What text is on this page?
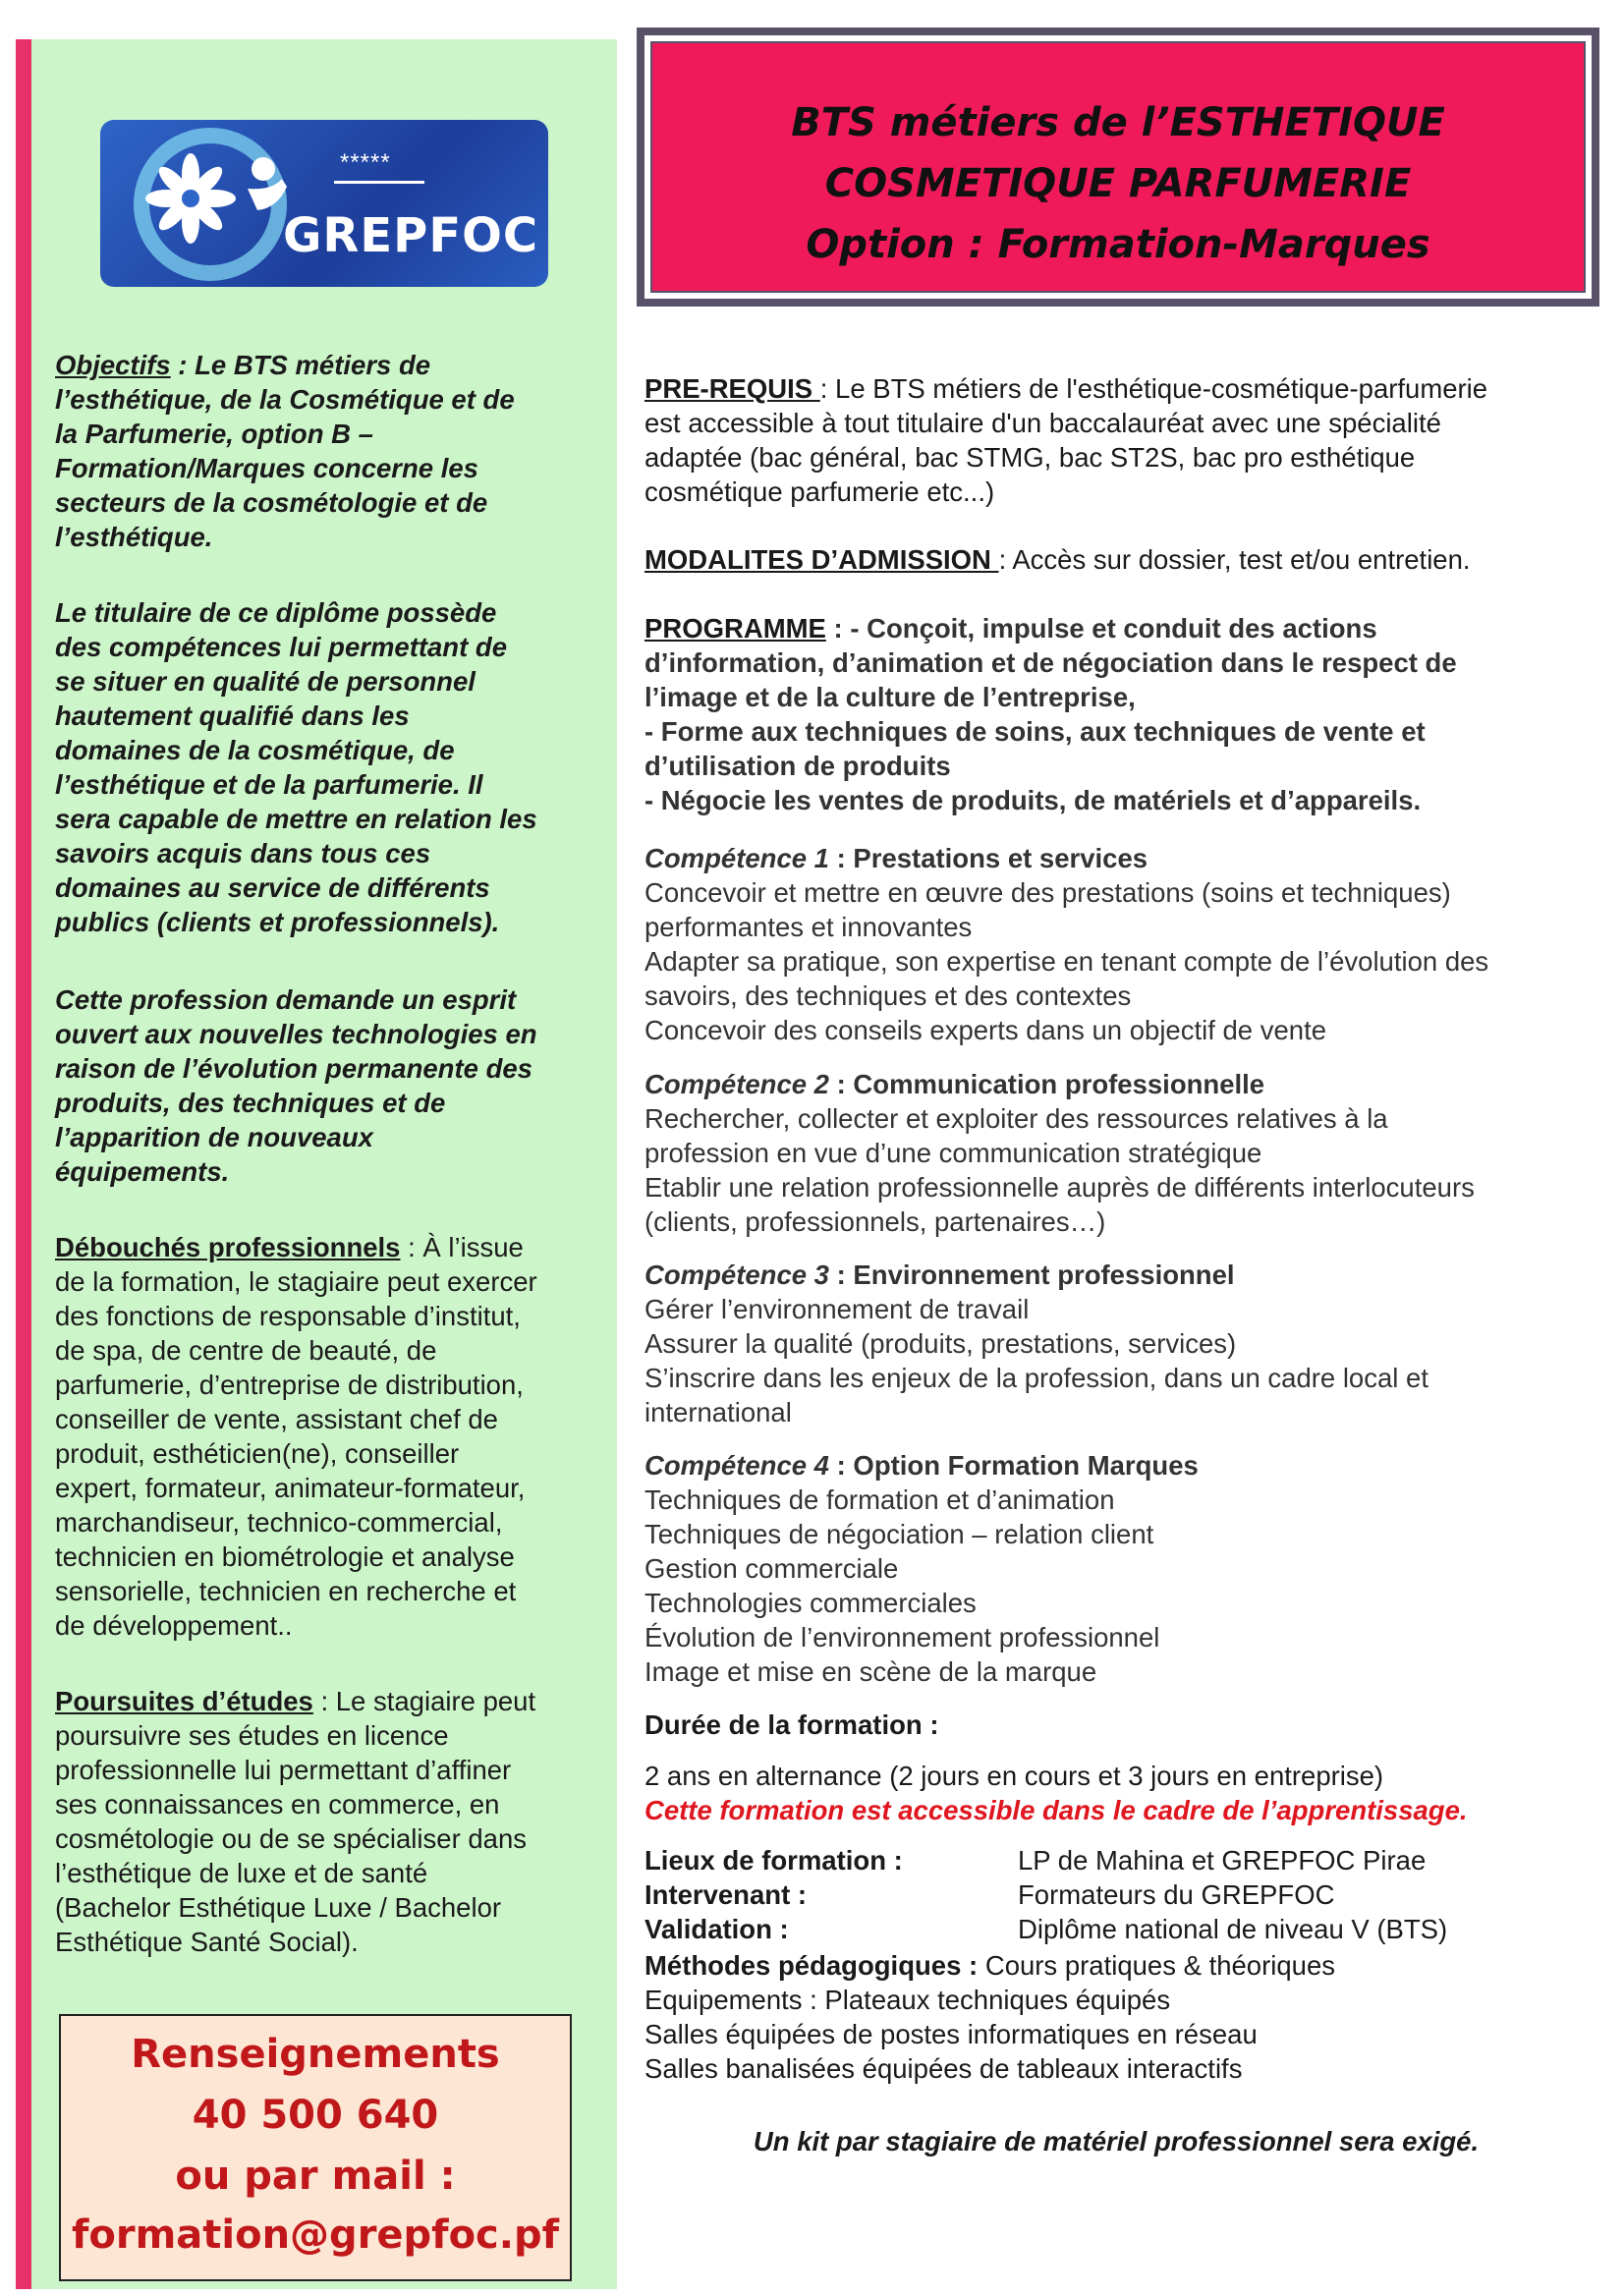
*****
GREPFOC
Objectifs : Le BTS métiers de
l’esthétique, de la Cosmétique et de
la Parfumerie, option B –
Formation/Marques concerne les
secteurs de la cosmétologie et de
l’esthétique.
Le titulaire de ce diplôme possède
des compétences lui permettant de
se situer en qualité de personnel
hautement qualifié dans les
domaines de la cosmétique, de
l’esthétique et de la parfumerie. Il
sera capable de mettre en relation les
savoirs acquis dans tous ces
domaines au service de différents
publics (clients et professionnels).
Cette profession demande un esprit
ouvert aux nouvelles technologies en
raison de l’évolution permanente des
produits, des techniques et de
l’apparition de nouveaux
équipements.
Débouchés professionnels : À l’issue
de la formation, le stagiaire peut exercer
des fonctions de responsable d’institut,
de spa, de centre de beauté, de
parfumerie, d’entreprise de distribution,
conseiller de vente, assistant chef de
produit, esthéticien(ne), conseiller
expert, formateur, animateur-formateur,
marchandiseur, technico-commercial,
technicien en biométrologie et analyse
sensorielle, technicien en recherche et
de développement..
Poursuites d’études : Le stagiaire peut
poursuivre ses études en licence
professionnelle lui permettant d’affiner
ses connaissances en commerce, en
cosmétologie ou de se spécialiser dans
l’esthétique de luxe et de santé
(Bachelor Esthétique Luxe / Bachelor
Esthétique Santé Social).
Renseignements
40 500 640
ou par mail :
formation@grepfoc.pf
BTS métiers de l’ESTHETIQUE
COSMETIQUE PARFUMERIE
Option : Formation-Marques
PRE-REQUIS : Le BTS métiers de l'esthétique-cosmétique-parfumerie
est accessible à tout titulaire d'un baccalauréat avec une spécialité
adaptée (bac général, bac STMG, bac ST2S, bac pro esthétique
cosmétique parfumerie etc...)
MODALITES D’ADMISSION : Accès sur dossier, test et/ou entretien.
PROGRAMME : - Conçoit, impulse et conduit des actions
d’information, d’animation et de négociation dans le respect de
l’image et de la culture de l’entreprise,
- Forme aux techniques de soins, aux techniques de vente et
d’utilisation de produits
- Négocie les ventes de produits, de matériels et d’appareils.
Compétence 1 : Prestations et services
Concevoir et mettre en œuvre des prestations (soins et techniques)
performantes et innovantes
Adapter sa pratique, son expertise en tenant compte de l’évolution des
savoirs, des techniques et des contextes
Concevoir des conseils experts dans un objectif de vente
Compétence 2 : Communication professionnelle
Rechercher, collecter et exploiter des ressources relatives à la
profession en vue d’une communication stratégique
Etablir une relation professionnelle auprès de différents interlocuteurs
(clients, professionnels, partenaires…)
Compétence 3 : Environnement professionnel
Gérer l’environnement de travail
Assurer la qualité (produits, prestations, services)
S’inscrire dans les enjeux de la profession, dans un cadre local et
international
Compétence 4 : Option Formation Marques
Techniques de formation et d’animation
Techniques de négociation – relation client
Gestion commerciale
Technologies commerciales
Évolution de l’environnement professionnel
Image et mise en scène de la marque
Durée de la formation :
2 ans en alternance (2 jours en cours et 3 jours en entreprise)
Cette formation est accessible dans le cadre de l’apprentissage.
Lieux de formation :	LP de Mahina et GREPFOC Pirae
Intervenant :	Formateurs du GREPFOC
Validation :	Diplôme national de niveau V (BTS)
Méthodes pédagogiques : Cours pratiques & théoriques
Equipements : Plateaux techniques équipés
Salles équipées de postes informatiques en réseau
Salles banalisées équipées de tableaux interactifs
Un kit par stagiaire de matériel professionnel sera exigé.
